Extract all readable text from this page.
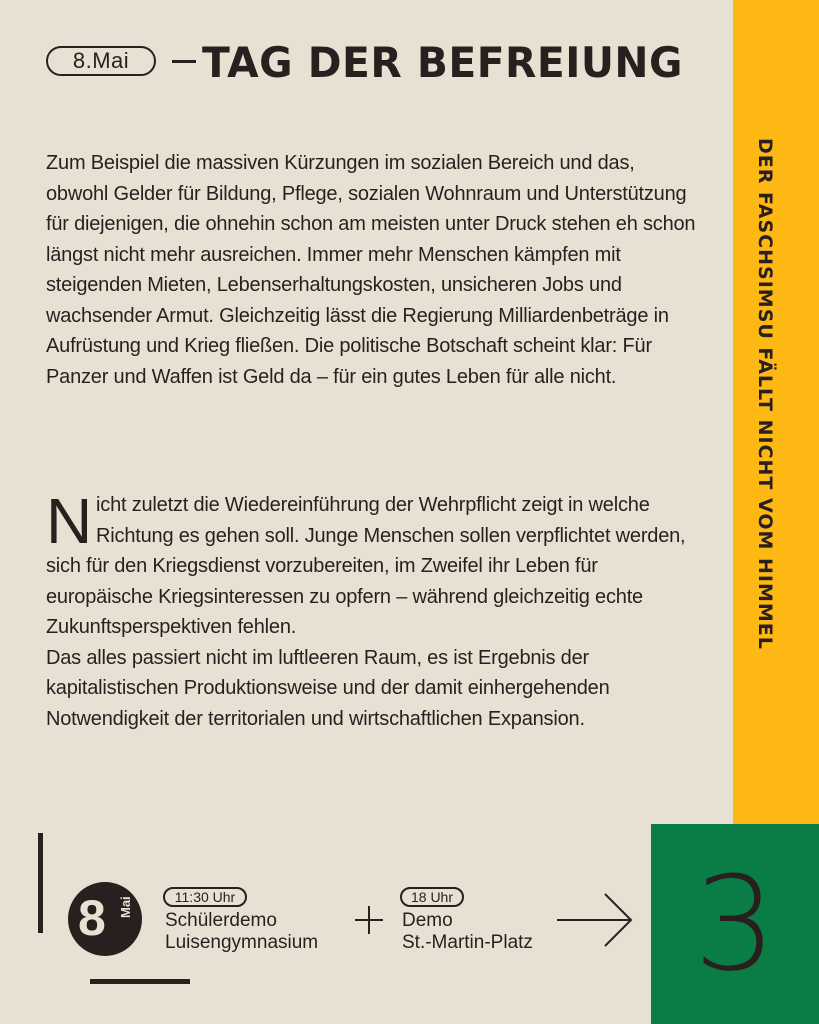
DER FASCHSIMSU FÄLLT NICHT VOM HIMMEL
3
8.Mai	TAG DER BEFREIUNG

Zum Beispiel die massiven Kürzungen im sozialen Bereich und das, obwohl Gelder für Bildung, Pflege, sozialen Wohnraum und Unterstützung für diejenigen, die ohnehin schon am meisten unter Druck stehen eh schon längst nicht mehr ausreichen. Immer mehr Menschen kämpfen mit steigenden Mieten, Lebenserhaltungskosten, unsicheren Jobs und wachsender Armut. Gleichzeitig lässt die Regierung Milliardenbeträge in Aufrüstung und Krieg fließen. Die politische Botschaft scheint klar: Für Panzer und Waffen ist Geld da – für ein gutes Leben für alle nicht.

Nicht zuletzt die Wiedereinführung der Wehrpflicht zeigt in welche Richtung es gehen soll. Junge Menschen sollen verpflichtet werden, sich für den Kriegsdienst vorzubereiten, im Zweifel ihr Leben für europäische Kriegsinteressen zu opfern – während gleichzeitig echte Zukunftsperspektiven fehlen.
Das alles passiert nicht im luftleeren Raum, es ist Ergebnis der kapitalistischen Produktionsweise und der damit einhergehenden Notwendigkeit der territorialen und wirtschaftlichen Expansion.
8 Mai	11:30 Uhr
Schülerdemo
Luisengymnasium
18 Uhr
Demo
St.-Martin-Platz
